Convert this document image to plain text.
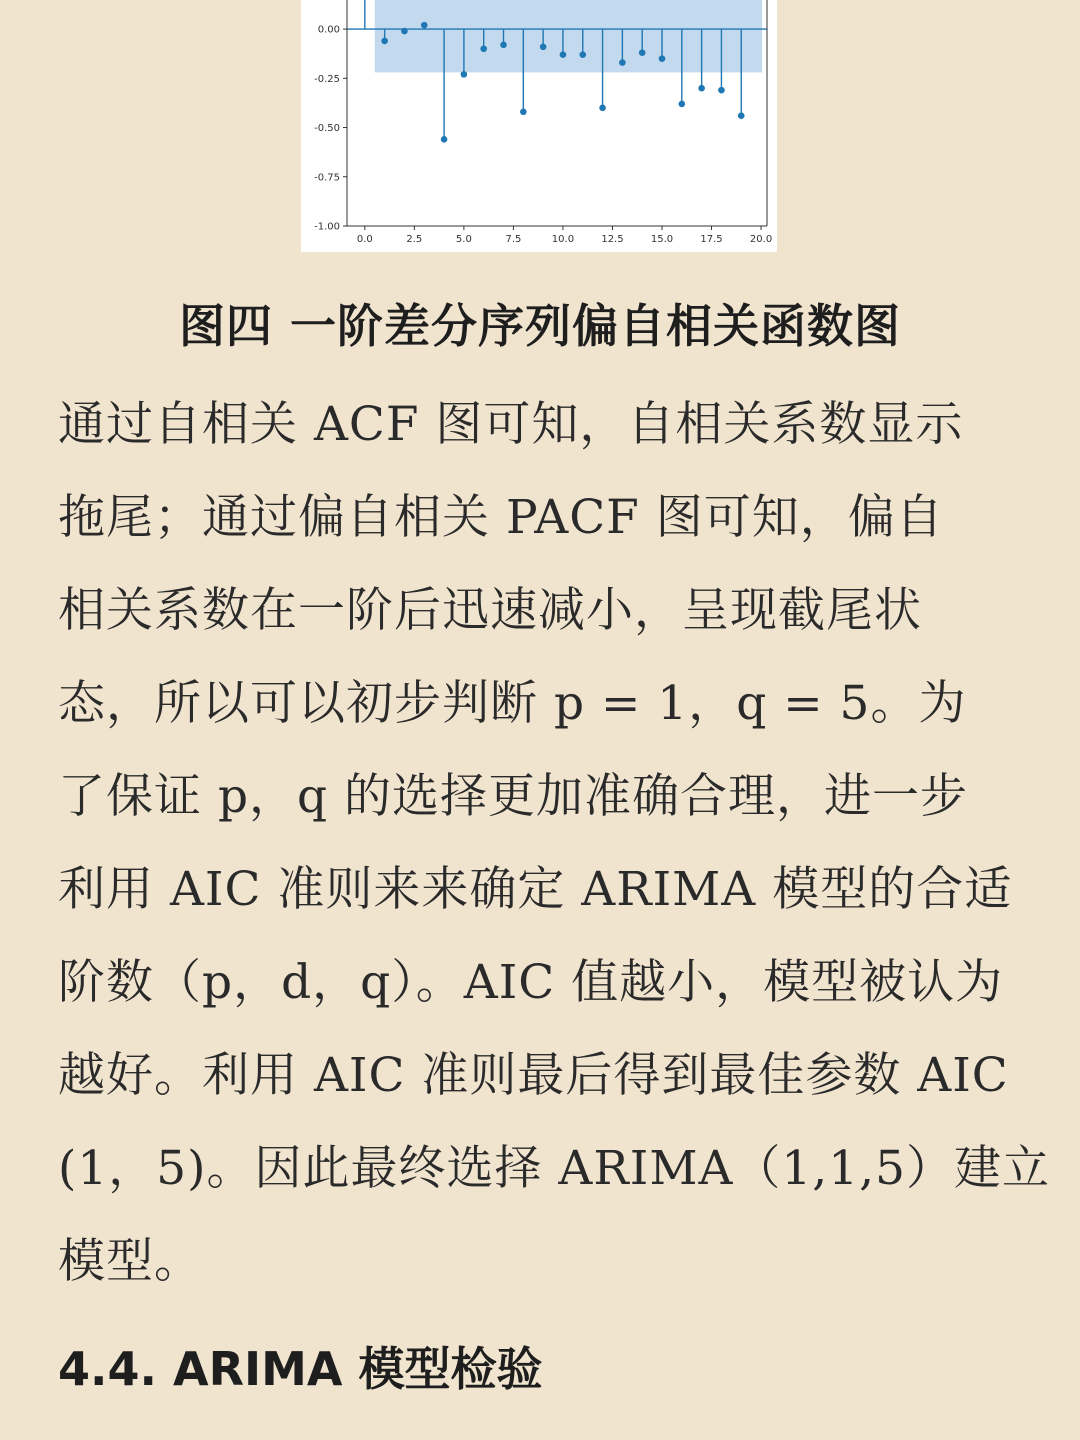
0.00
-0.25
-0.50
-0.75
-1.00
0.0	2.5	5.0	7.5	10.0	12.5	15.0	17.5	20.0
图四 一阶差分序列偏自相关函数图
通过自相关 ACF 图可知，自相关系数显示
拖尾；通过偏自相关 PACF 图可知，偏自
相关系数在一阶后迅速减小，呈现截尾状
态，所以可以初步判断 p = 1，q = 5。为
了保证 p，q 的选择更加准确合理，进一步
利用 AIC 准则来来确定 ARIMA 模型的合适
阶数（p，d，q）。AIC 值越小，模型被认为
越好。利用 AIC 准则最后得到最佳参数 AIC
(1，5)。因此最终选择 ARIMA（1,1,5）建立
模型。
4.4. ARIMA 模型检验
